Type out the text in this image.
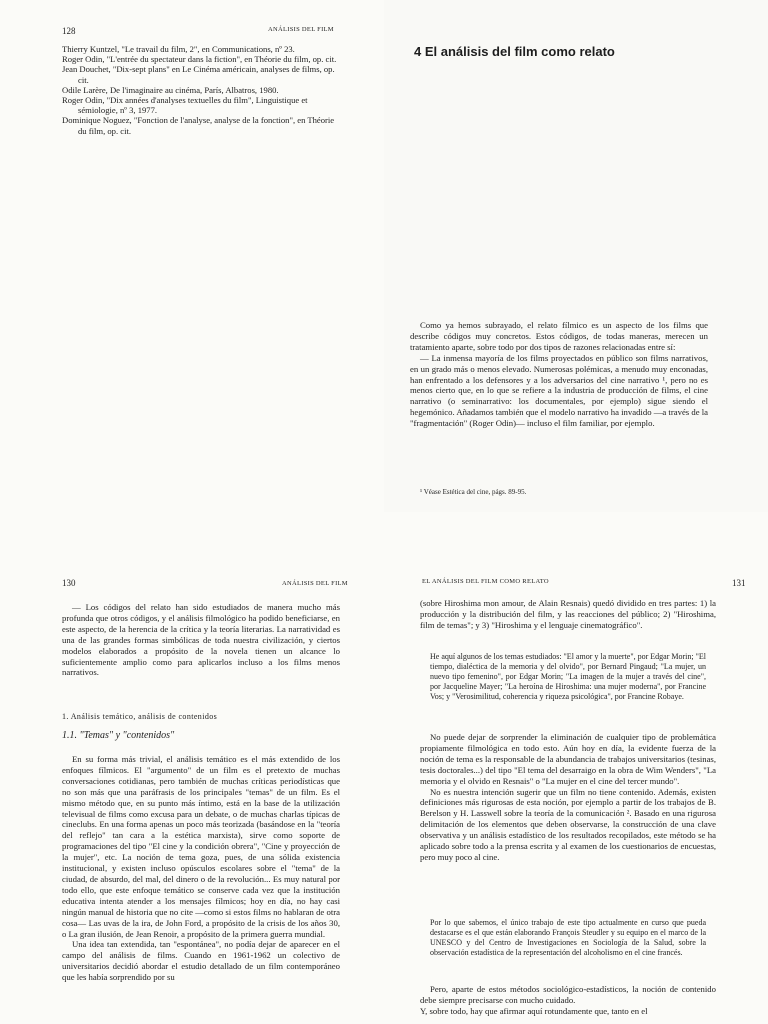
128	ANÁLISIS DEL FILM
Thierry Kuntzel, "Le travail du film, 2", en Communications, nº 23.
Roger Odin, "L'entrée du spectateur dans la fiction", en Théorie du film, op. cit.
Jean Douchet, "Dix-sept plans" en Le Cinéma américain, analyses de films, op. cit.
Odile Larère, De l'imaginaire au cinéma, París, Albatros, 1980.
Roger Odin, "Dix années d'analyses textuelles du film", Linguistique et sémiologie, nº 3, 1977.
Dominique Noguez, "Fonction de l'analyse, analyse de la fonction", en Théorie du film, op. cit.
4 El análisis del film como relato

Como ya hemos subrayado, el relato fílmico es un aspecto de los films que describe códigos muy concretos. Estos códigos, de todas maneras, merecen un tratamiento aparte, sobre todo por dos tipos de razones relacionadas entre sí:

— La inmensa mayoría de los films proyectados en público son films narrativos, en un grado más o menos elevado. Numerosas polémicas, a menudo muy enconadas, han enfrentado a los defensores y a los adversarios del cine narrativo ¹, pero no es menos cierto que, en lo que se refiere a la industria de producción de films, el cine narrativo (o seminarrativo: los documentales, por ejemplo) sigue siendo el hegemónico. Añadamos también que el modelo narrativo ha invadido —a través de la "fragmentación" (Roger Odin)— incluso el film familiar, por ejemplo.

¹ Véase Estética del cine, págs. 89-95.
130	ANÁLISIS DEL FILM

— Los códigos del relato han sido estudiados de manera mucho más profunda que otros códigos, y el análisis filmológico ha podido beneficiarse, en este aspecto, de la herencia de la crítica y la teoría literarias. La narratividad es una de las grandes formas simbólicas de toda nuestra civilización, y ciertos modelos elaborados a propósito de la novela tienen un alcance lo suficientemente amplio como para aplicarlos incluso a los films menos narrativos.

1. Análisis temático, análisis de contenidos
1.1. "Temas" y "contenidos"

En su forma más trivial, el análisis temático es el más extendido de los enfoques fílmicos. El "argumento" de un film es el pretexto de muchas conversaciones cotidianas, pero también de muchas críticas periodísticas que no son más que una paráfrasis de los principales "temas" de un film. Es el mismo método que, en su punto más íntimo, está en la base de la utilización televisual de films como excusa para un debate, o de muchas charlas típicas de cineclubs. En una forma apenas un poco más teorizada (basándose en la "teoría del reflejo" tan cara a la estética marxista), sirve como soporte de programaciones del tipo "El cine y la condición obrera", "Cine y proyección de la mujer", etc. La noción de tema goza, pues, de una sólida existencia institucional, y existen incluso opúsculos escolares sobre el "tema" de la ciudad, de absurdo, del mal, del dinero o de la revolución... Es muy natural por todo ello, que este enfoque temático se conserve cada vez que la institución educativa intenta atender a los mensajes fílmicos; hoy en día, no hay casi ningún manual de historia que no cite —como si estos films no hablaran de otra cosa— Las uvas de la ira, de John Ford, a propósito de la crisis de los años 30, o La gran ilusión, de Jean Renoir, a propósito de la primera guerra mundial.

Una idea tan extendida, tan "espontánea", no podía dejar de aparecer en el campo del análisis de films. Cuando en 1961-1962 un colectivo de universitarios decidió abordar el estudio detallado de un film contemporáneo que les había sorprendido por su

EL ANÁLISIS DEL FILM COMO RELATO	131

(sobre Hiroshima mon amour, de Alain Resnais) quedó dividido en tres partes: 1) la producción y la distribución del film, y las reacciones del público; 2) "Hiroshima, film de temas"; y 3) "Hiroshima y el lenguaje cinematográfico".

He aquí algunos de los temas estudiados: "El amor y la muerte", por Edgar Morin; "El tiempo, dialéctica de la memoria y del olvido", por Bernard Pingaud; "La mujer, un nuevo tipo femenino", por Edgar Morin; "La imagen de la mujer a través del cine", por Jacqueline Mayer; "La heroína de Hiroshima: una mujer moderna", por Francine Vos; y "Verosimilitud, coherencia y riqueza psicológica", por Francine Robaye.

No puede dejar de sorprender la eliminación de cualquier tipo de problemática propiamente filmológica en todo esto. Aún hoy en día, la evidente fuerza de la noción de tema es la responsable de la abundancia de trabajos universitarios (tesinas, tesis doctorales...) del tipo "El tema del desarraigo en la obra de Wim Wenders", "La memoria y el olvido en Resnais" o "La mujer en el cine del tercer mundo".

No es nuestra intención sugerir que un film no tiene contenido. Además, existen definiciones más rigurosas de esta noción, por ejemplo a partir de los trabajos de B. Berelson y H. Lasswell sobre la teoría de la comunicación ². Basado en una rigurosa delimitación de los elementos que deben observarse, la construcción de una clave observativa y un análisis estadístico de los resultados recopilados, este método se ha aplicado sobre todo a la prensa escrita y al examen de los cuestionarios de encuestas, pero muy poco al cine.

Por lo que sabemos, el único trabajo de este tipo actualmente en curso que pueda destacarse es el que están elaborando François Steudler y su equipo en el marco de la UNESCO y del Centro de Investigaciones en Sociología de la Salud, sobre la observación estadística de la representación del alcoholismo en el cine francés.

Pero, aparte de estos métodos sociológico-estadísticos, la noción de contenido debe siempre precisarse con mucho cuidado.

Y, sobre todo, hay que afirmar aquí rotundamente que, tanto en el
